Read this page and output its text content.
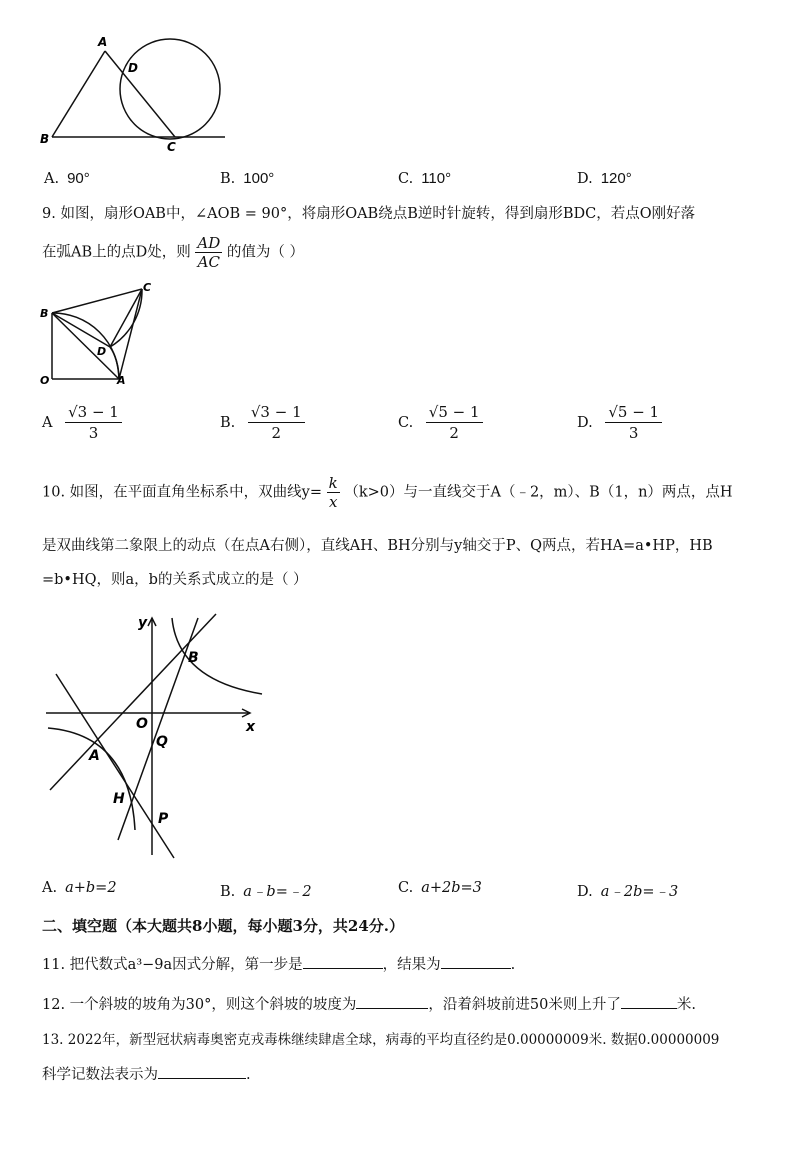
A
B
C
D
A. 90°	B. 100°	C. 110°	D. 120°
9. 如图，扇形OAB中，∠AOB = 90°，将扇形OAB绕点B逆时针旋转，得到扇形BDC，若点O刚好落
在弧AB上的点D处，则 $\frac{AD}{AC}$ 的值为（ ）
B
C
D
O	A
A $\frac{√3 - 1}{3}$	B. $\frac{√3 - 1}{2}$	C. $\frac{√5 - 1}{2}$	D. $\frac{√5 - 1}{3}$
10. 如图，在平面直角坐标系中，双曲线$y= \frac{k}{x} (k>0)$与一直线交于A（﹣2，m）、B（1，n）两点，点H
是双曲线第二象限上的动点（在点A右侧），直线AH、BH分别与y轴交于P、Q两点，若HA=a•HP，HB
=b•HQ，则a，b的关系式成立的是（ ）
y
x
O
A
B
H
P
Q
A. a+b=2	B. a﹣b=﹣2	C. a+2b=3	D. a﹣2b=﹣3
二、填空题（本大题共8小题，每小题3分，共24分.）
11. 把代数式a³−9a因式分解，第一步是	，结果为	.
12. 一个斜坡的坡角为30°，则这个斜坡的坡度为	，沿着斜坡前进50米则上升了	米.
13. 2022年，新型冠状病毒奥密克戎毒株继续肆虐全球，病毒的平均直径约是0.00000009米. 数据0.00000009
科学记数法表示为	.
